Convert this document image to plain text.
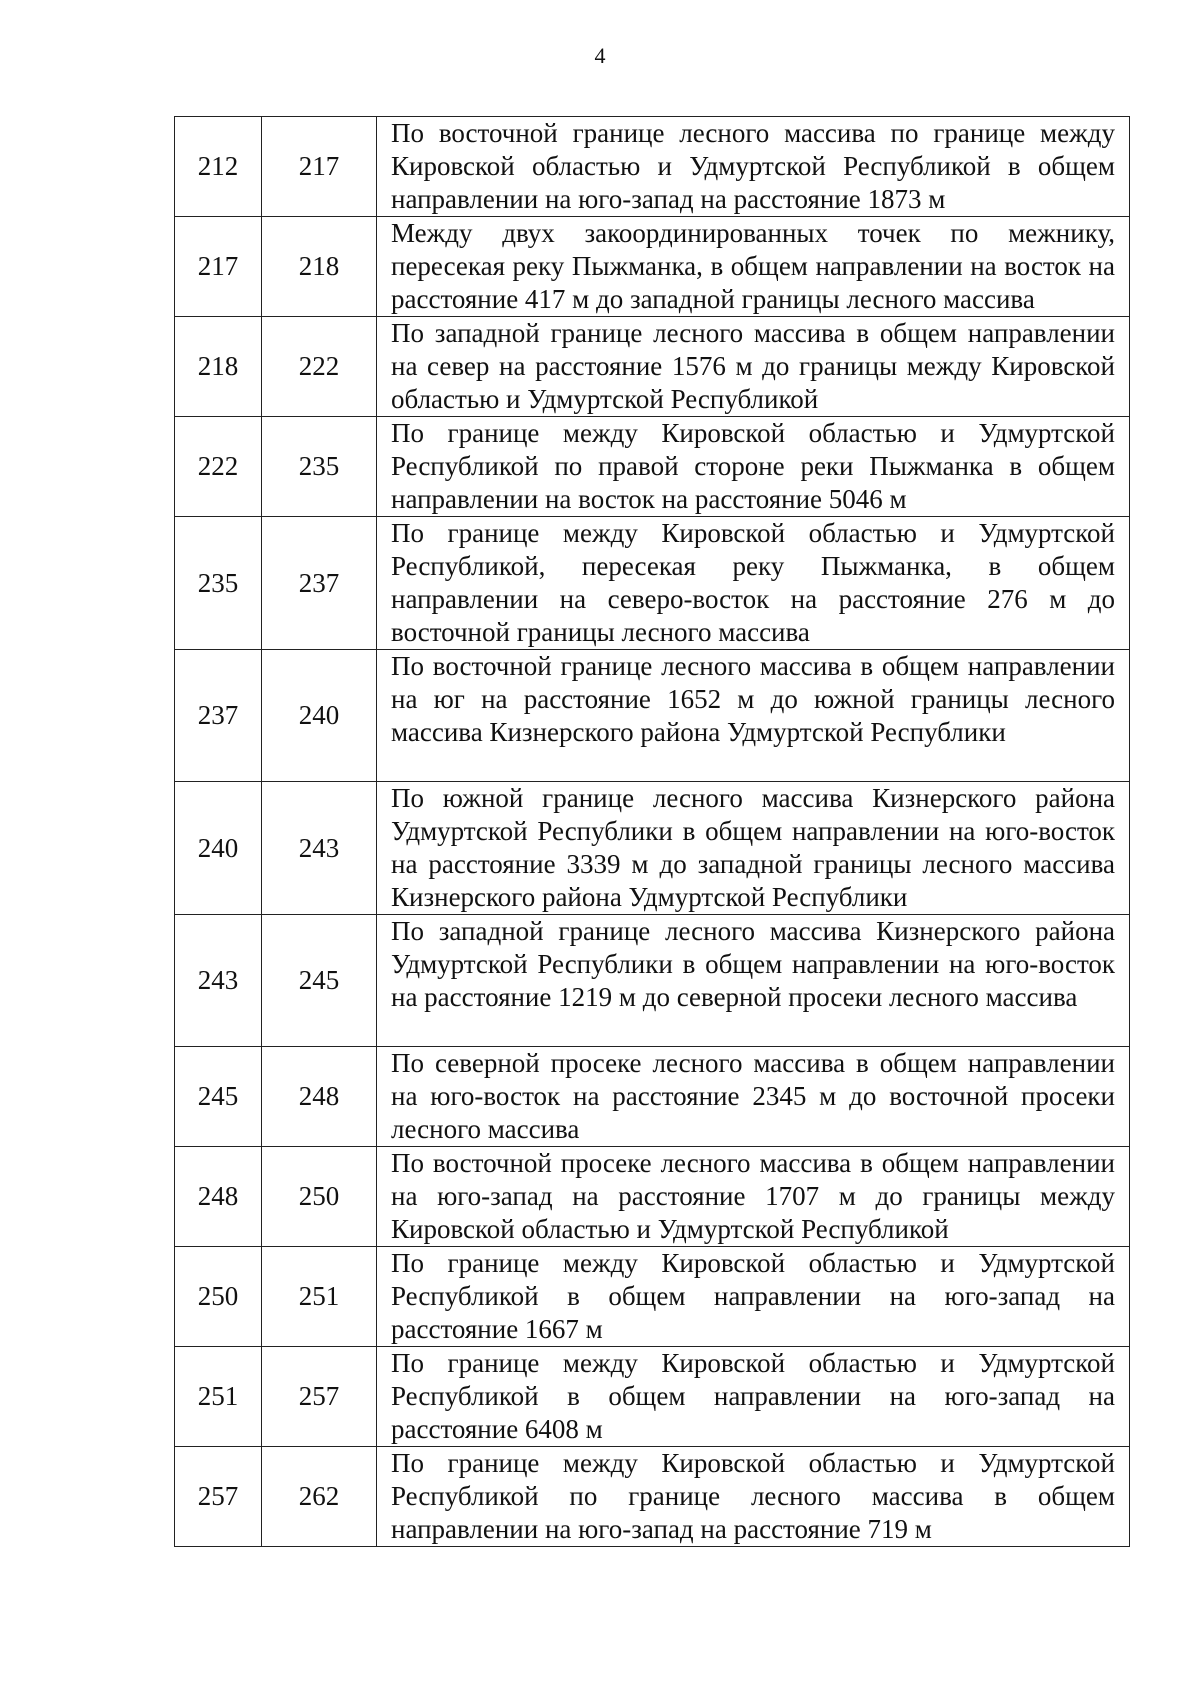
4
212	217	По восточной границе лесного массива по границе между Кировской областью и Удмуртской Республикой в общем направлении на юго-запад на расстояние 1873 м
217	218	Между двух закоординированных точек по межнику, пересекая реку Пыжманка, в общем направлении на восток на расстояние 417 м до западной границы лесного массива
218	222	По западной границе лесного массива в общем направлении на север на расстояние 1576 м до границы между Кировской областью и Удмуртской Республикой
222	235	По границе между Кировской областью и Удмуртской Республикой по правой стороне реки Пыжманка в общем направлении на восток на расстояние 5046 м
235	237	По границе между Кировской областью и Удмуртской Республикой, пересекая реку Пыжманка, в общем направлении на северо-восток на расстояние 276 м до восточной границы лесного массива
237	240	По восточной границе лесного массива в общем направлении на юг на расстояние 1652 м до южной границы лесного массива Кизнерского района Удмуртской Республики
240	243	По южной границе лесного массива Кизнерского района Удмуртской Республики в общем направлении на юго-восток на расстояние 3339 м до западной границы лесного массива Кизнерского района Удмуртской Республики
243	245	По западной границе лесного массива Кизнерского района Удмуртской Республики в общем направлении на юго-восток на расстояние 1219 м до северной просеки лесного массива
245	248	По северной просеке лесного массива в общем направлении на юго-восток на расстояние 2345 м до восточной просеки лесного массива
248	250	По восточной просеке лесного массива в общем направлении на юго-запад на расстояние 1707 м до границы между Кировской областью и Удмуртской Республикой
250	251	По границе между Кировской областью и Удмуртской Республикой в общем направлении на юго-запад на расстояние 1667 м
251	257	По границе между Кировской областью и Удмуртской Республикой в общем направлении на юго-запад на расстояние 6408 м
257	262	По границе между Кировской областью и Удмуртской Республикой по границе лесного массива в общем направлении на юго-запад на расстояние 719 м
